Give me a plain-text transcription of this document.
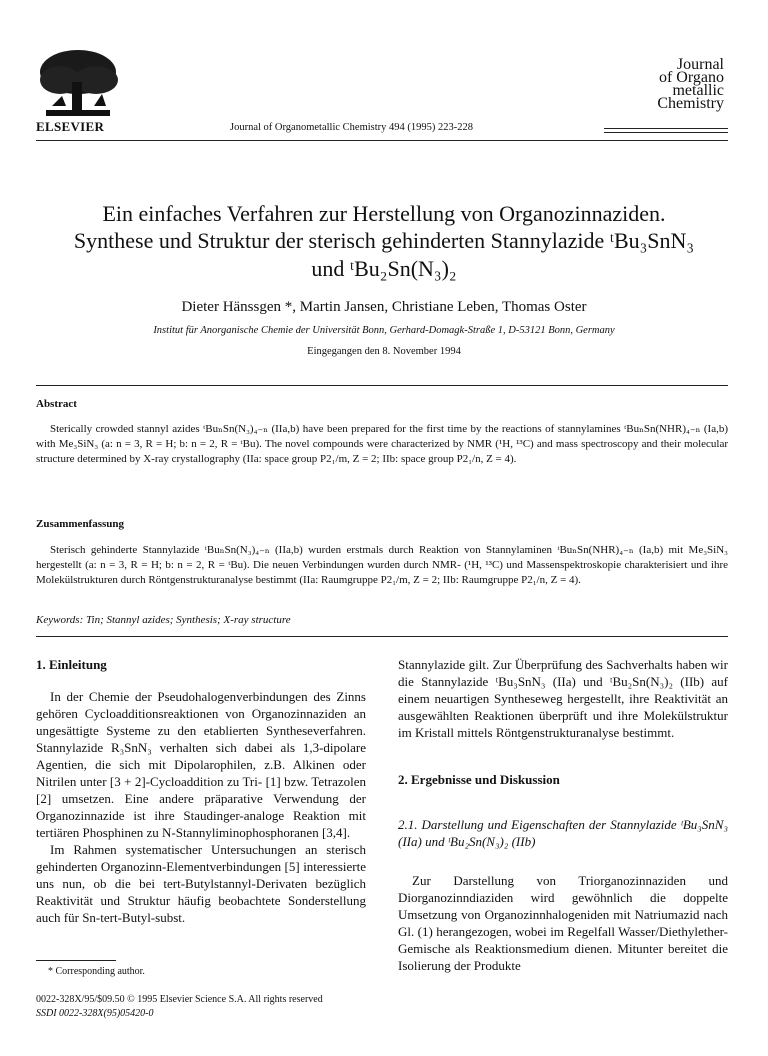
ELSEVIER	Journal of Organometallic Chemistry 494 (1995) 223-228
Journal
of Organo
metallic
Chemistry
Ein einfaches Verfahren zur Herstellung von Organozinnaziden.
Synthese und Struktur der sterisch gehinderten Stannylazide ᵗBu₃SnN₃
und ᵗBu₂Sn(N₃)₂
Dieter Hänssgen *, Martin Jansen, Christiane Leben, Thomas Oster
Institut für Anorganische Chemie der Universität Bonn, Gerhard-Domagk-Straße 1, D-53121 Bonn, Germany
Eingegangen den 8. November 1994
Abstract
Sterically crowded stannyl azides ᵗBuₙSn(N₃)₄₋ₙ (IIa,b) have been prepared for the first time by the reactions of stannylamines ᵗBuₙSn(NHR)₄₋ₙ (Ia,b) with Me₃SiN₃ (a: n = 3, R = H; b: n = 2, R = ᵗBu). The novel compounds were characterized by NMR (¹H, ¹³C) and mass spectroscopy and their molecular structure determined by X-ray crystallography (IIa: space group P2₁/m, Z = 2; IIb: space group P2₁/n, Z = 4).
Zusammenfassung
Sterisch gehinderte Stannylazide ᵗBuₙSn(N₃)₄₋ₙ (IIa,b) wurden erstmals durch Reaktion von Stannylaminen ᵗBuₙSn(NHR)₄₋ₙ (Ia,b) mit Me₃SiN₃ hergestellt (a: n = 3, R = H; b: n = 2, R = ᵗBu). Die neuen Verbindungen wurden durch NMR- (¹H, ¹³C) und Massenspektroskopie charakterisiert und ihre Molekülstrukturen durch Röntgenstrukturanalyse bestimmt (IIa: Raumgruppe P2₁/m, Z = 2; IIb: Raumgruppe P2₁/n, Z = 4).
Keywords: Tin; Stannyl azides; Synthesis; X-ray structure

1. Einleitung

In der Chemie der Pseudohalogenverbindungen des Zinns gehören Cycloadditionsreaktionen von Organozinnaziden an ungesättigte Systeme zu den etablierten Syntheseverfahren. Stannylazide R₃SnN₃ verhalten sich dabei als 1,3-dipolare Agentien, die sich mit Dipolarophilen, z.B. Alkinen oder Nitrilen unter [3 + 2]-Cycloaddition zu Tri- [1] bzw. Tetrazolen [2] umsetzen. Eine andere präparative Verwendung der Organozinnazide ist ihre Staudinger-analoge Reaktion mit tertiären Phosphinen zu N-Stannyliminophosphoranen [3,4].

Im Rahmen systematischer Untersuchungen an sterisch gehinderten Organozinn-Elementverbindungen [5] interessierte uns nun, ob die bei tert-Butylstannyl-Derivaten bezüglich Reaktivität und Struktur häufig beobachtete Sonderstellung auch für Sn-tert-Butyl-subst.

Stannylazide gilt. Zur Überprüfung des Sachverhalts haben wir die Stannylazide ᵗBu₃SnN₃ (IIa) und ᵗBu₂Sn(N₃)₂ (IIb) auf einem neuartigen Syntheseweg hergestellt, ihre Reaktivität an ausgewählten Reaktionen überprüft und ihre Molekülstruktur im Kristall mittels Röntgenstrukturanalyse bestimmt.

2. Ergebnisse und Diskussion

2.1. Darstellung und Eigenschaften der Stannylazide ᵗBu₃SnN₃ (IIa) und ᵗBu₂Sn(N₃)₂ (IIb)

Zur Darstellung von Triorganozinnaziden und Diorganozinndiaziden wird gewöhnlich die doppelte Umsetzung von Organozinnhalogeniden mit Natriumazid nach Gl. (1) herangezogen, wobei im Regelfall Wasser/Diethylether-Gemische als Reaktionsmedium dienen. Mitunter bereitet die Isolierung der Produkte

* Corresponding author.
0022-328X/95/$09.50 © 1995 Elsevier Science S.A. All rights reserved
SSDI 0022-328X(95)05420-0
